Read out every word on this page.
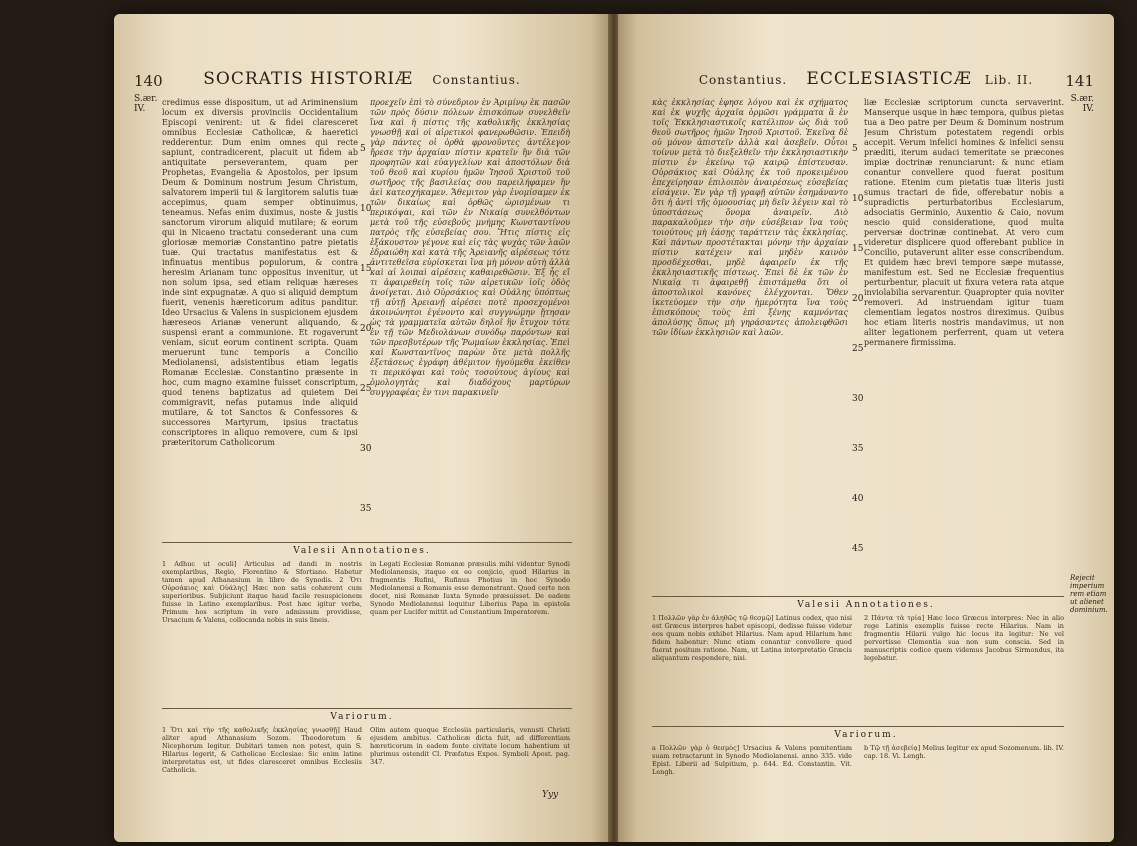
140	SOCRATIS HISTORIÆ Constantius.
S.ær. IV.
credimus esse dispositum, ut ad Ariminensium locum ex diversis provinciis Occidentalium Episcopi venirent: ut & fidei claresceret omnibus Ecclesiæ Catholicæ, & haeretici redderentur. Dum enim omnes qui recte sapiunt, contradicerent, placuit ut fidem ab antiquitate perseverantem, quam per Prophetas, Evangelia & Apostolos, per ipsum Deum & Dominum nostrum Jesum Christum, salvatorem imperii tui & largitorem salutis tuæ accepimus, quam semper obtinuimus, teneamus. Nefas enim duximus, noste & justis sanctorum virorum aliquid mutilare; & eorum qui in Nicaeno tractatu consederant una cum gloriosæ memoriæ Constantino patre pietatis tuæ. Qui tractatus manifestatus est & infinuatus mentibus populorum, & contra heresim Arianam tunc oppositus invenitur, ut non solum ipsa, sed etiam reliquæ hæreses inde sint expugnatæ. A quo si aliquid demptum fuerit, venenis hæreticorum aditus panditur. Ideo Ursacius & Valens in suspicionem ejusdem hæreseos Arianæ venerunt aliquando, & suspensi erant a communione. Et rogaverunt veniam, sicut eorum continent scripta. Quam meruerunt tunc temporis a Concilio Mediolanensi, adsistentibus etiam legatis Romanæ Ecclesiæ. Constantino præsente in hoc, cum magno examine fuisset conscriptum, quod tenens baptizatus ad quietem Dei commigravit, nefas putamus inde aliquid mutilare, & tot Sanctos & Confessores & successores Martyrum, ipsius tractatus conscriptores in aliquo removere, cum & ipsi præteritorum Catholicorum
προεχεῖν ἐπὶ τὸ σύνεδριον ἐν Ἀριμίνῳ ἐκ πασῶν τῶν πρὸς δύσιν πόλεων ἐπισκόπων συνελθεῖν ἵνα καὶ ἡ πίστις τῆς καθολικῆς ἐκκλησίας γνωσθῇ καὶ οἱ αἱρετικοὶ φανερωθῶσιν. Ἐπειδὴ γὰρ πάντες οἱ ὀρθὰ φρονοῦντες ἀντέλεγον ἤρεσε τὴν ἀρχαίαν πίστιν κρατεῖν ἣν διὰ τῶν προφητῶν καὶ εὐαγγελίων καὶ ἀποστόλων διὰ τοῦ θεοῦ καὶ κυρίου ἡμῶν Ἰησοῦ Χριστοῦ τοῦ σωτῆρος τῆς βασιλείας σου παρειλήφαμεν ἣν ἀεὶ κατεσχήκαμεν. Ἄθεμιτον γὰρ ἐνομίσαμεν ἐκ τῶν δικαίως καὶ ὀρθῶς ὡρισμένων τι περικόψαι, καὶ τῶν ἐν Νικαίᾳ συνελθόντων μετὰ τοῦ τῆς εὐσεβοῦς μνήμης Κωνσταντίνου πατρὸς τῆς εὐσεβείας σου. Ἥτις πίστις εἰς ἐξάκουστον γέγονε καὶ εἰς τὰς ψυχὰς τῶν λαῶν ἐδραιώθη καὶ κατὰ τῆς Ἀρειανῆς αἱρέσεως τότε ἀντιτεθεῖσα εὑρίσκεται ἵνα μὴ μόνον αὐτὴ ἀλλὰ καὶ αἱ λοιπαὶ αἱρέσεις καθαιρεθῶσιν. Ἐξ ἧς εἴ τι ἀφαιρεθείη τοῖς τῶν αἱρετικῶν ἰοῖς ὁδὸς ἀνοίγεται. Διὸ Οὐρσάκιος καὶ Οὐάλης ὑπόπτως τῇ αὐτῇ Ἀρειανῇ αἱρέσει ποτὲ προσεχομένοι ἀκοινώνητοι ἐγένοντο καὶ συγγνώμην ᾔτησαν ὡς τὰ γραμματεῖα αὐτῶν δηλοῖ ἣν ἔτυχον τότε ἐν τῇ τῶν Μεδιολάνων συνόδῳ παρόντων καὶ τῶν πρεσβυτέρων τῆς Ῥωμαίων ἐκκλησίας. Ἐπεὶ καὶ Κωνσταντῖνος παρὼν ὅτε μετὰ πολλῆς ἐξετάσεως ἐγράφη ἀθέμιτον ἡγούμεθα ἐκείθεν τι περικόψαι καὶ τοὺς τοσούτους ἁγίους καὶ ὁμολογητὰς καὶ διαδόχους μαρτύρων συγγραφέας ἐν τινι παρακινεῖν
5
10
15
20
25
30
35
Valesii Annotationes.
1 Adhuc ut oculi] Articulus ad dandi in nostris exemplaribus, Regio, Florentino & Sfortiano. Habetur tamen apud Athanasium in libro de Synodis. 2 Ὅτι Οὐρσάκιος καὶ Οὐάλης] Hæc non satis cohærent cum superioribus. Subjiciunt itaque haud facile resuspicionem fuisse in Latino exemplaribus. Post hæc igitur verba, Primum hos scriptum in vere admissum providisse, Ursacium & Valens, collocanda nobis in suis lineis.
in Legati Ecclesiæ Romanæ præsulis mihi videntur Synodi Mediolanensis, itaque ex eo conjicio, quod Hilarius in fragmentis Rufini, Rufinus Photius in hoc Synodo Mediolanensi a Romanis esse demonstrant. Quod certe non docet, nisi Romanæ Iuxta Synodo præsuisset. De eadem Synodo Mediolanensi loquitur Liberius Papa in epistola quam per Lucifer mittit ad Constantium Imperatorem.
Variorum.
1 Ὅτι καὶ τὴν τῆς καθολικῆς ἐκκλησίας γνωσθῇ] Haud aliter apud Athanasium Sozom. Theodoretum & Nicephorum legitur. Dubitari tamen non potest, quin S. Hilarius legerit, & Catholicae Ecclesiae: Sic enim latine interpretatus est, ut fides claresceret omnibus Ecclesiis Catholicis.
Olim autem quoque Ecclesiis particularis, venusti Christi ejusdem ambitus. Catholicæ dicta fuit, ad differentiam hæreticorum in eadem fonte civitate locum habentium ut plurimus ostendit Cl. Præfatus Expos. Symboli Apost. pag. 347.
Yyy
Constantius. ECCLESIASTICÆ Lib. II.	141
S.ær. IV.
κὰς ἐκκλησίας ἐφησε λόγου καὶ ἐκ σχήματος καὶ ἐκ ψυχῆς ἀρχαῖα ὁρμῶσι γράμματα ἃ ἐν τοῖς Ἐκκλησιαστικοῖς κατέλιπον ὡς διὰ τοῦ θεοῦ σωτῆρος ἡμῶν Ἰησοῦ Χριστοῦ. Ἐκεῖνα δὲ οὐ μόνον ἀπιστεῖν ἀλλὰ καὶ ἀσεβεῖν. Οὗτοι τοίνυν μετὰ τὸ διεξελθεῖν τὴν ἐκκλησιαστικὴν πίστιν ἐν ἐκείνῳ τῷ καιρῷ ἐπίστευσαν. Οὐρσάκιος καὶ Οὐάλης ἐκ τοῦ προκειμένου ἐπεχείρησαν ἐπιλοιπὸν ἀναιρέσεως εὐσεβείας εἰσάγειν. Ἐν γὰρ τῇ γραφῇ αὐτῶν ἐσημάναντο ὅτι ἡ ἀντὶ τῆς ὁμοουσίας μὴ δεῖν λέγειν καὶ τὸ ὑποστάσεως ὄνομα ἀναιρεῖν. Διὸ παρακαλοῦμεν τὴν σὴν εὐσέβειαν ἵνα τοὺς τοιούτους μὴ ἐάσῃς ταράττειν τὰς ἐκκλησίας. Καὶ πάντων προστέτακται μόνην τὴν ἀρχαίαν πίστιν κατέχειν καὶ μηδὲν καινὸν προσδέχεσθαι, μηδὲ ἀφαιρεῖν ἐκ τῆς ἐκκλησιαστικῆς πίστεως. Ἐπεὶ δὲ ἐκ τῶν ἐν Νικαίᾳ τι ἀφαιρεθῇ ἐπιστάμεθα ὅτι οἱ ἀποστολικοὶ κανόνες ἐλέγχονται. Ὅθεν ἱκετεύομεν τὴν σὴν ἡμερότητα ἵνα τοὺς ἐπισκόπους τοὺς ἐπὶ ξένης καμνόντας ἀπολύσῃς ὅπως μὴ γηράσαντες ἀπολειφθῶσι τῶν ἰδίων ἐκκλησιῶν καὶ λαῶν.
liæ Ecclesiæ scriptorum cuncta servaverint. Manserque usque in hæc tempora, quibus pietas tua a Deo patre per Deum & Dominum nostrum Jesum Christum potestatem regendi orbis accepit. Verum infelici homines & infelici sensu præditi, iterum audaci temeritate se præcones impiæ doctrinæ renunciarunt: & nunc etiam conantur convellere quod fuerat positum ratione. Etenim cum pietatis tuæ literis justi sumus tractari de fide, offerebatur nobis a supradictis perturbatoribus Ecclesiarum, adsociatis Germinio, Auxentio & Caio, novum nescio quid consideratione, quod multa perversæ doctrinæ continebat. At vero cum videretur displicere quod offerebant publice in Concilio, putaverunt aliter esse conscribendum. Et quidem hæc brevi tempore sæpe mutasse, manifestum est. Sed ne Ecclesiæ frequentius perturbentur, placuit ut fixura vetera rata atque inviolabilia servarentur. Quapropter quia noviter removeri. Ad instruendam igitur tuam clementiam legatos nostros direximus. Quibus hoc etiam literis nostris mandavimus, ut non aliter legationem perferrent, quam ut vetera permanere firmissima.
5
10
15
20
25
30
35
40
45
Rejecit imperium rem etiam ut alienet dominium.
Valesii Annotationes.
1 Πολλῶν γὰρ ἐν ἀληθῶς τῷ θεσμῷ] Latinus codex, quo nisi est Græcus interpres habet episcopi, dedisse fuisse videtur eos quam nobis exhibet Hilarius. Nam apud Hilarium hæc fidem habentur: Nunc etiam conantur convellere quod fuerat positum ratione. Nam, ut Latina interpretatio Græcis aliquantum respondere, nisi.
2 Πάντα τὰ τρία] Hæc loco Græcus interpres: Nec in alio rege Latinis exemplis fuisse recte Hilarius. Nam in fragmentis Hilarii vulgo hic locus ita legitur: Ne vel pervertisse Clementia sua non sum conscia. Sed in manuscriptis codice quem videmus Jacobus Sirmondus, ita legebatur.
Variorum.
a Πολλῶν γὰρ ὁ θεσμὸς] Ursacius & Valens pœnitentiam suam retractarunt in Synodo Mediolanensi. anno 335. vide Epist. Liberii ad Sulpitium, p. 644. Ed. Constantin. Vit. Lengh.
b Τῷ τῇ ἀσεβείᾳ] Melius legitur ex apud Sozomenum. lib. IV. cap. 18. Vi. Lengh.
